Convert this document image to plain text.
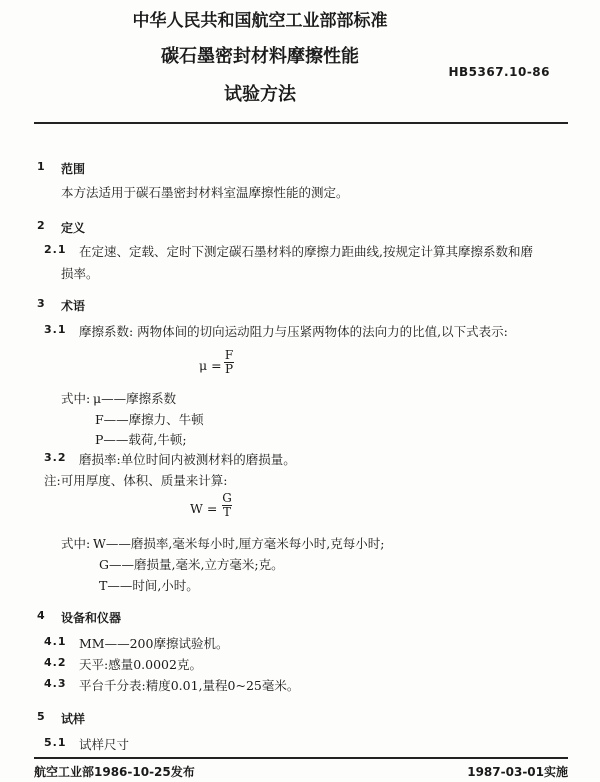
中华人民共和国航空工业部部标准
碳石墨密封材料摩擦性能
试验方法
HB5367.10-86
1 范围
本方法适用于碳石墨密封材料室温摩擦性能的测定。
2 定义
2.1 在定速、定载、定时下测定碳石墨材料的摩擦力距曲线,按规定计算其摩擦系数和磨
损率。
3 术语
3.1 摩擦系数: 两物体间的切向运动阻力与压紧两物体的法向力的比值,以下式表示:
μ =
F
P
式中: μ——摩擦系数
F——摩擦力、牛顿
P——载荷,牛顿;
3.2 磨损率:单位时间内被测材料的磨损量。
注:可用厚度、体积、质量来计算:
W =
G
T
式中: W——磨损率,毫米每小时,厘方毫米每小时,克每小时;
G——磨损量,毫米,立方毫米;克。
T——时间,小时。
4 设备和仪器
4.1 MM——200摩擦试验机。
4.2 天平:感量0.0002克。
4.3 平台千分表:精度0.01,量程0~25毫米。
5 试样
5.1 试样尺寸
航空工业部1986-10-25发布	1987-03-01实施
